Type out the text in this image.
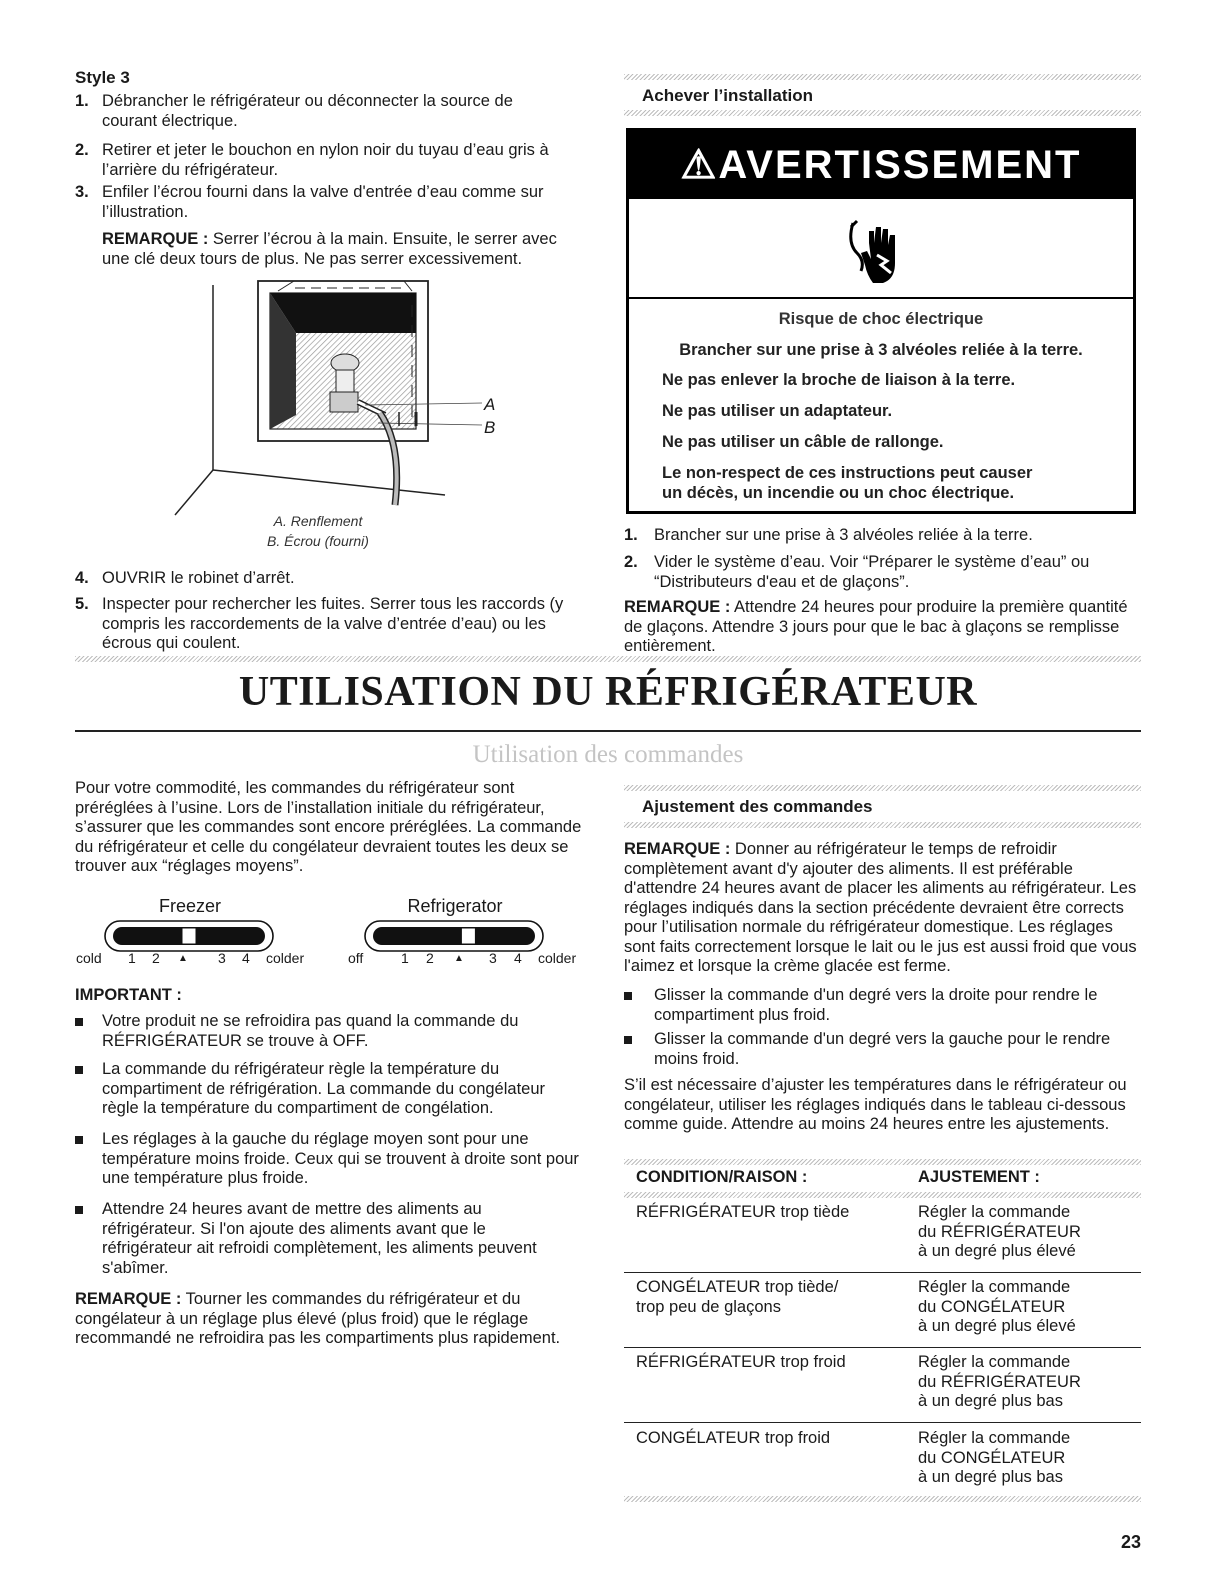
Style 3
1. Débrancher le réfrigérateur ou déconnecter la source de courant électrique.
2. Retirer et jeter le bouchon en nylon noir du tuyau d’eau gris à l’arrière du réfrigérateur.
3. Enfiler l’écrou fourni dans la valve d'entrée d’eau comme sur l’illustration.
REMARQUE : Serrer l’écrou à la main. Ensuite, le serrer avec une clé deux tours de plus. Ne pas serrer excessivement.
A
B
A. Renflement
B. Écrou (fourni)
4. OUVRIR le robinet d’arrêt.
5. Inspecter pour rechercher les fuites. Serrer tous les raccords (y compris les raccordements de la valve d’entrée d’eau) ou les écrous qui coulent.
Achever l’installation
⚠AVERTISSEMENT
Risque de choc électrique
Brancher sur une prise à 3 alvéoles reliée à la terre.
Ne pas enlever la broche de liaison à la terre.
Ne pas utiliser un adaptateur.
Ne pas utiliser un câble de rallonge.
Le non-respect de ces instructions peut causer
un décès, un incendie ou un choc électrique.
1. Brancher sur une prise à 3 alvéoles reliée à la terre.
2. Vider le système d’eau. Voir “Préparer le système d’eau” ou “Distributeurs d'eau et de glaçons”.
REMARQUE : Attendre 24 heures pour produire la première quantité de glaçons. Attendre 3 jours pour que le bac à glaçons se remplisse entièrement.
UTILISATION DU RÉFRIGÉRATEUR
Utilisation des commandes
Pour votre commodité, les commandes du réfrigérateur sont préréglées à l’usine. Lors de l’installation initiale du réfrigérateur, s’assurer que les commandes sont encore préréglées. La commande du réfrigérateur et celle du congélateur devraient toutes les deux se trouver aux “réglages moyens”.
Freezer	Refrigerator
cold 1 2 ▲ 3 4 colder	off	1 2 ▲ 3 4 colder
IMPORTANT :
Votre produit ne se refroidira pas quand la commande du RÉFRIGÉRATEUR se trouve à OFF.
La commande du réfrigérateur règle la température du compartiment de réfrigération. La commande du congélateur règle la température du compartiment de congélation.
Les réglages à la gauche du réglage moyen sont pour une température moins froide. Ceux qui se trouvent à droite sont pour une température plus froide.
Attendre 24 heures avant de mettre des aliments au réfrigérateur. Si l'on ajoute des aliments avant que le réfrigérateur ait refroidi complètement, les aliments peuvent s'abîmer.
REMARQUE : Tourner les commandes du réfrigérateur et du congélateur à un réglage plus élevé (plus froid) que le réglage recommandé ne refroidira pas les compartiments plus rapidement.
Ajustement des commandes
REMARQUE : Donner au réfrigérateur le temps de refroidir complètement avant d'y ajouter des aliments. Il est préférable d'attendre 24 heures avant de placer les aliments au réfrigérateur. Les réglages indiqués dans la section précédente devraient être corrects pour l’utilisation normale du réfrigérateur domestique. Les réglages sont faits correctement lorsque le lait ou le jus est aussi froid que vous l'aimez et lorsque la crème glacée est ferme.
Glisser la commande d'un degré vers la droite pour rendre le compartiment plus froid.
Glisser la commande d'un degré vers la gauche pour le rendre moins froid.
S’il est nécessaire d’ajuster les températures dans le réfrigérateur ou congélateur, utiliser les réglages indiqués dans le tableau ci-dessous comme guide. Attendre au moins 24 heures entre les ajustements.
CONDITION/RAISON :	AJUSTEMENT :
RÉFRIGÉRATEUR trop tiède	Régler la commande
du RÉFRIGÉRATEUR
à un degré plus élevé
CONGÉLATEUR trop tiède/
trop peu de glaçons
Régler la commande
du CONGÉLATEUR
à un degré plus élevé
RÉFRIGÉRATEUR trop froid	Régler la commande
du RÉFRIGÉRATEUR
à un degré plus bas
CONGÉLATEUR trop froid	Régler la commande
du CONGÉLATEUR
à un degré plus bas
23
